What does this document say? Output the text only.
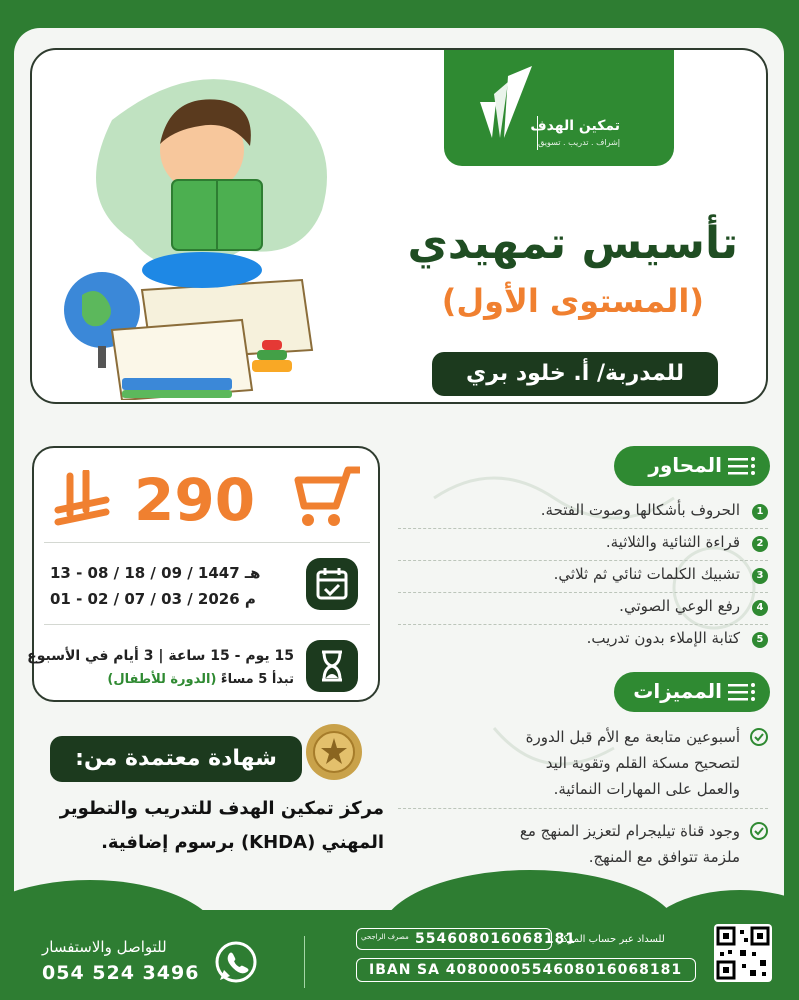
تمكين الهدف
إشراف . تدريب . تسويق
تأسيس تمهيدي
(المستوى الأول)
للمدربة/ أ. خلود بري
290
13 - 08 / 18 / 09 / 1447 هـ
01 - 02 / 07 / 03 / 2026 م
15 يوم - 15 ساعة | 3 أيام في الأسبوع
تبدأ 5 مساءً (الدورة للأطفال)
شهادة معتمدة من:
مركز تمكين الهدف للتدريب والتطوير المهني (KHDA) برسوم إضافية.
المحاور
1
الحروف بأشكالها وصوت الفتحة.
2
قراءة الثنائية والثلاثية.
3
تشبيك الكلمات ثنائي ثم ثلاثي.
4
رفع الوعي الصوتي.
5
كتابة الإملاء بدون تدريب.
المميزات
أسبوعين متابعة مع الأم قبل الدورة
لتصحيح مسكة القلم وتقوية اليد
والعمل على المهارات النمائية.
وجود قناة تيليجرام لتعزيز المنهج مع
ملزمة تتوافق مع المنهج.
للتواصل والاستفسار
054 524 3496
للسداد عبر حساب المركز
مصرف الراجحي 554608016068181
IBAN SA 4080000554608016068181
